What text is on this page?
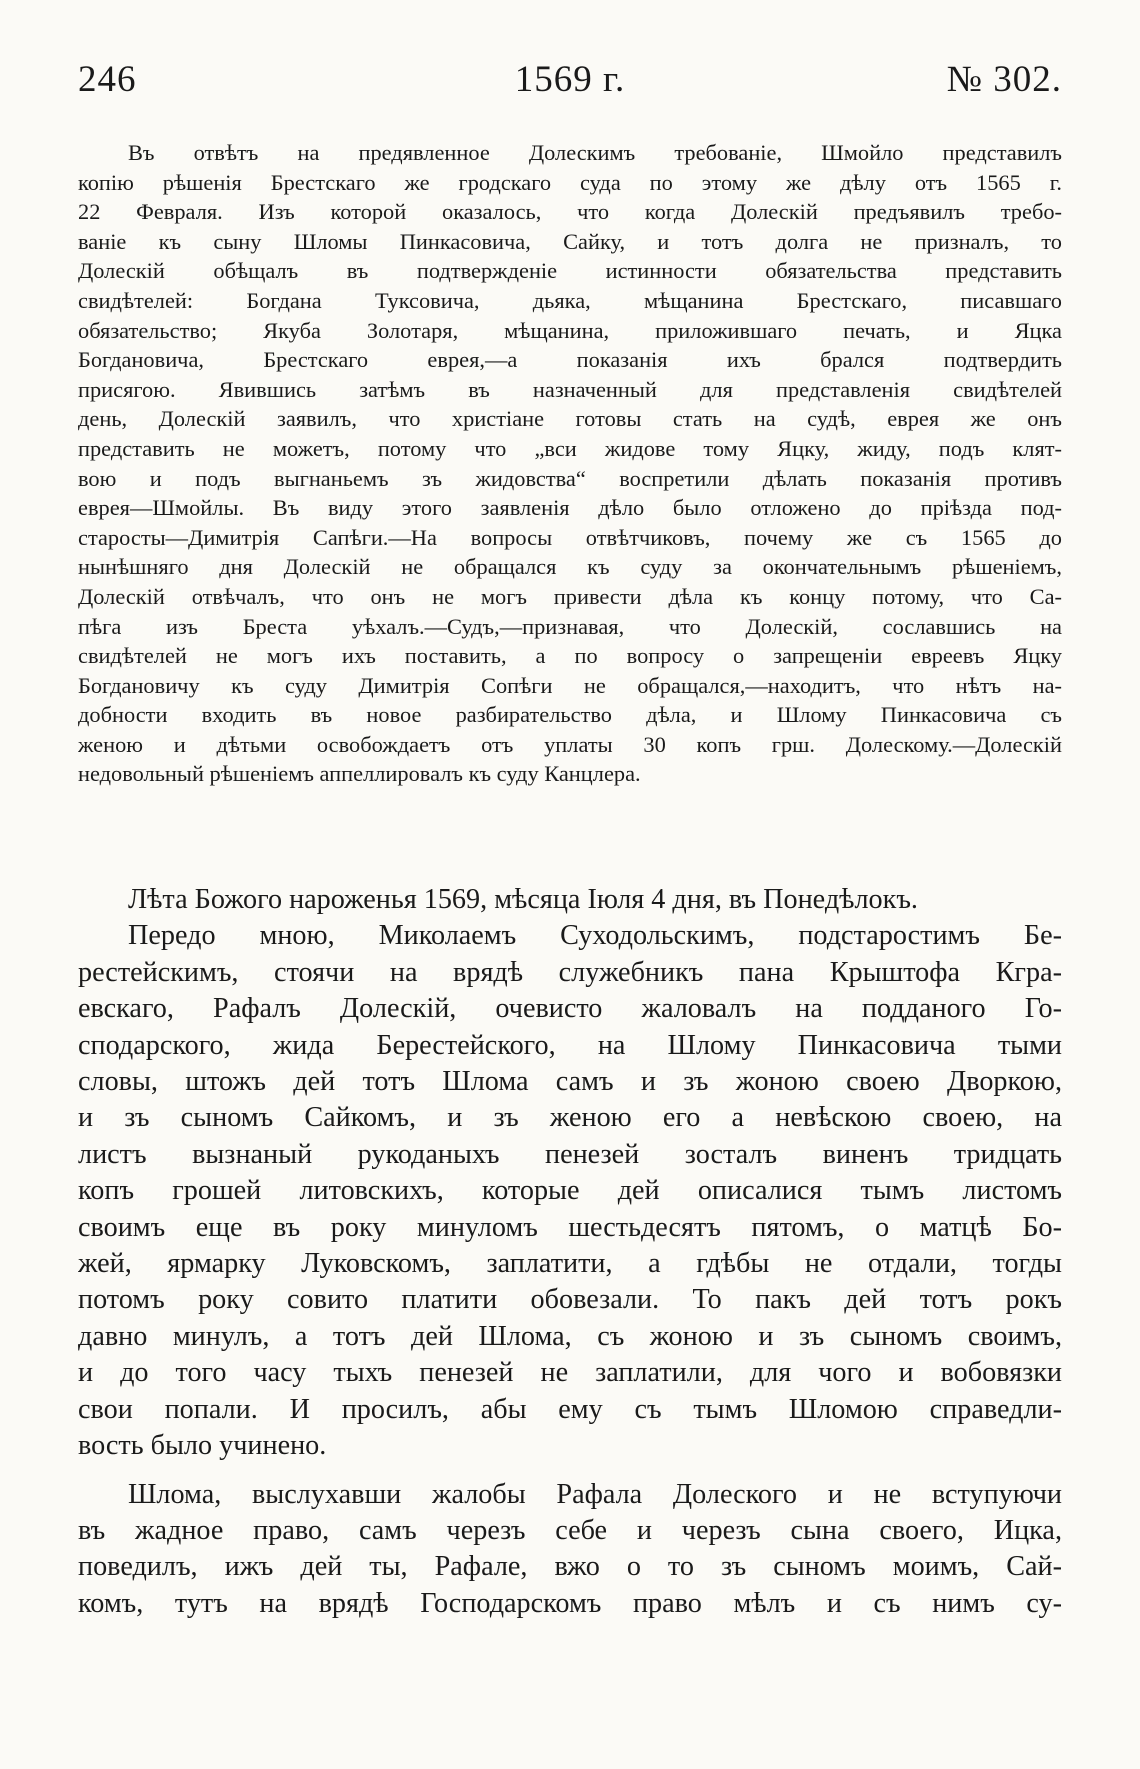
246	1569 г.	№ 302.
Въ отвѣтъ на предявленное Долескимъ требованіе, Шмойло представилъ
копію рѣшенія Брестскаго же гродскаго суда по этому же дѣлу отъ 1565 г.
22 Февраля. Изъ которой оказалось, что когда Долескій предъявилъ требо-
ваніе къ сыну Шломы Пинкасовича, Сайку, и тотъ долга не призналъ, то
Долескій обѣщалъ въ подтвержденіе истинности обязательства представить
свидѣтелей: Богдана Туксовича, дьяка, мѣщанина Брестскаго, писавшаго
обязательство; Якуба Золотаря, мѣщанина, приложившаго печать, и Яцка
Богдановича, Брестскаго еврея,—а показанія ихъ брался подтвердить
присягою. Явившись затѣмъ въ назначенный для представленія свидѣтелей
день, Долескій заявилъ, что христіане готовы стать на судѣ, еврея же онъ
представить не можетъ, потому что „вси жидове тому Яцку, жиду, подъ клят-
вою и подъ выгнаньемъ зъ жидовства“ воспретили дѣлать показанія противъ
еврея—Шмойлы. Въ виду этого заявленія дѣло было отложено до пріѣзда под-
старосты—Димитрія Сапѣги.—На вопросы отвѣтчиковъ, почему же съ 1565 до
нынѣшняго дня Долескій не обращался къ суду за окончательнымъ рѣшеніемъ,
Долескій отвѣчалъ, что онъ не могъ привести дѣла къ концу потому, что Са-
пѣга изъ Бреста уѣхалъ.—Судъ,—признавая, что Долескій, сославшись на
свидѣтелей не могъ ихъ поставить, а по вопросу о запрещеніи евреевъ Яцку
Богдановичу къ суду Димитрія Сопѣги не обращался,—находитъ, что нѣтъ на-
добности входить въ новое разбирательство дѣла, и Шлому Пинкасовича съ
женою и дѣтьми освобождаетъ отъ уплаты 30 копъ грш. Долескому.—Долескій
недовольный рѣшеніемъ аппеллировалъ къ суду Канцлера.
Лѣта Божого нароженья 1569, мѣсяца Іюля 4 дня, въ Понедѣлокъ.
Передо мною, Миколаемъ Суходольскимъ, подстаростимъ Бе-
рестейскимъ, стоячи на врядѣ служебникъ пана Крыштофа Кгра-
евскаго, Рафалъ Долескій, очевисто жаловалъ на подданого Го-
сподарского, жида Берестейского, на Шлому Пинкасовича тыми
словы, штожъ дей тотъ Шлома самъ и зъ жоною своею Дворкою,
и зъ сыномъ Сайкомъ, и зъ женою его а невѣскою своею, на
листъ вызнаный рукоданыхъ пенезей зосталъ виненъ тридцать
копъ грошей литовскихъ, которые дей описалися тымъ листомъ
своимъ еще въ року минуломъ шестьдесятъ пятомъ, о матцѣ Бо-
жей, ярмарку Луковскомъ, заплатити, а гдѣбы не отдали, тогды
потомъ року совито платити обовезали. То пакъ дей тотъ рокъ
давно минулъ, а тотъ дей Шлома, съ жоною и зъ сыномъ своимъ,
и до того часу тыхъ пенезей не заплатили, для чого и вобовязки
свои попали. И просилъ, абы ему съ тымъ Шломою справедли-
вость было учинено.
Шлома, выслухавши жалобы Рафала Долеского и не вступуючи
въ жадное право, самъ черезъ себе и черезъ сына своего, Ицка,
поведилъ, ижъ дей ты, Рафале, вжо о то зъ сыномъ моимъ, Сай-
комъ, тутъ на врядѣ Господарскомъ право мѣлъ и съ нимъ су-
